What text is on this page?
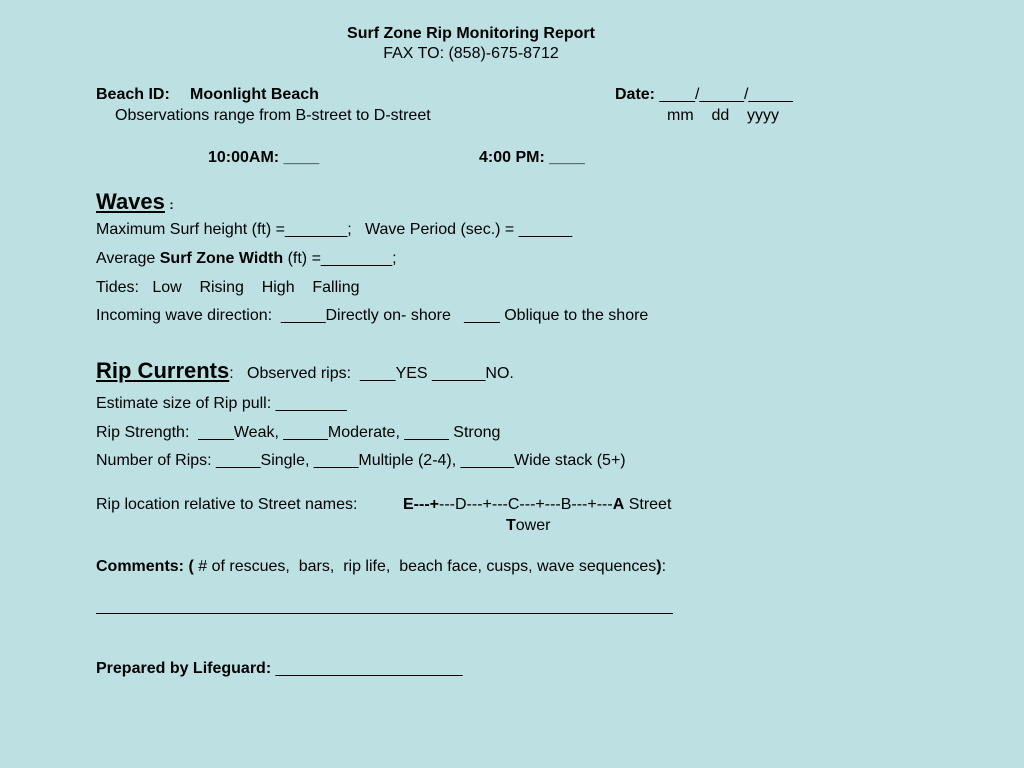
Surf Zone Rip Monitoring Report
FAX TO: (858)-675-8712
Beach ID: Moonlight Beach
Observations range from B-street to D-street
Date: ____/_____/_____
mm    dd    yyyy
10:00AM: ____	4:00 PM: ____
Waves :
Maximum Surf height (ft) =_______;   Wave Period (sec.) = ______
Average Surf Zone Width (ft) =________;
Tides:   Low    Rising    High    Falling
Incoming wave direction:  _____Directly on- shore   ____ Oblique to the shore
Rip Currents:   Observed rips:  ____YES ______NO.
Estimate size of Rip pull: ________
Rip Strength:  ____Weak, _____Moderate, _____ Strong
Number of Rips: _____Single, _____Multiple (2-4), ______Wide stack (5+)
Rip location relative to Street names:	E---+---D---+---C---+---B---+---A Street
Tower
Comments: ( # of rescues,  bars,  rip life,  beach face, cusps, wave sequences):
Prepared by Lifeguard: _____________________
